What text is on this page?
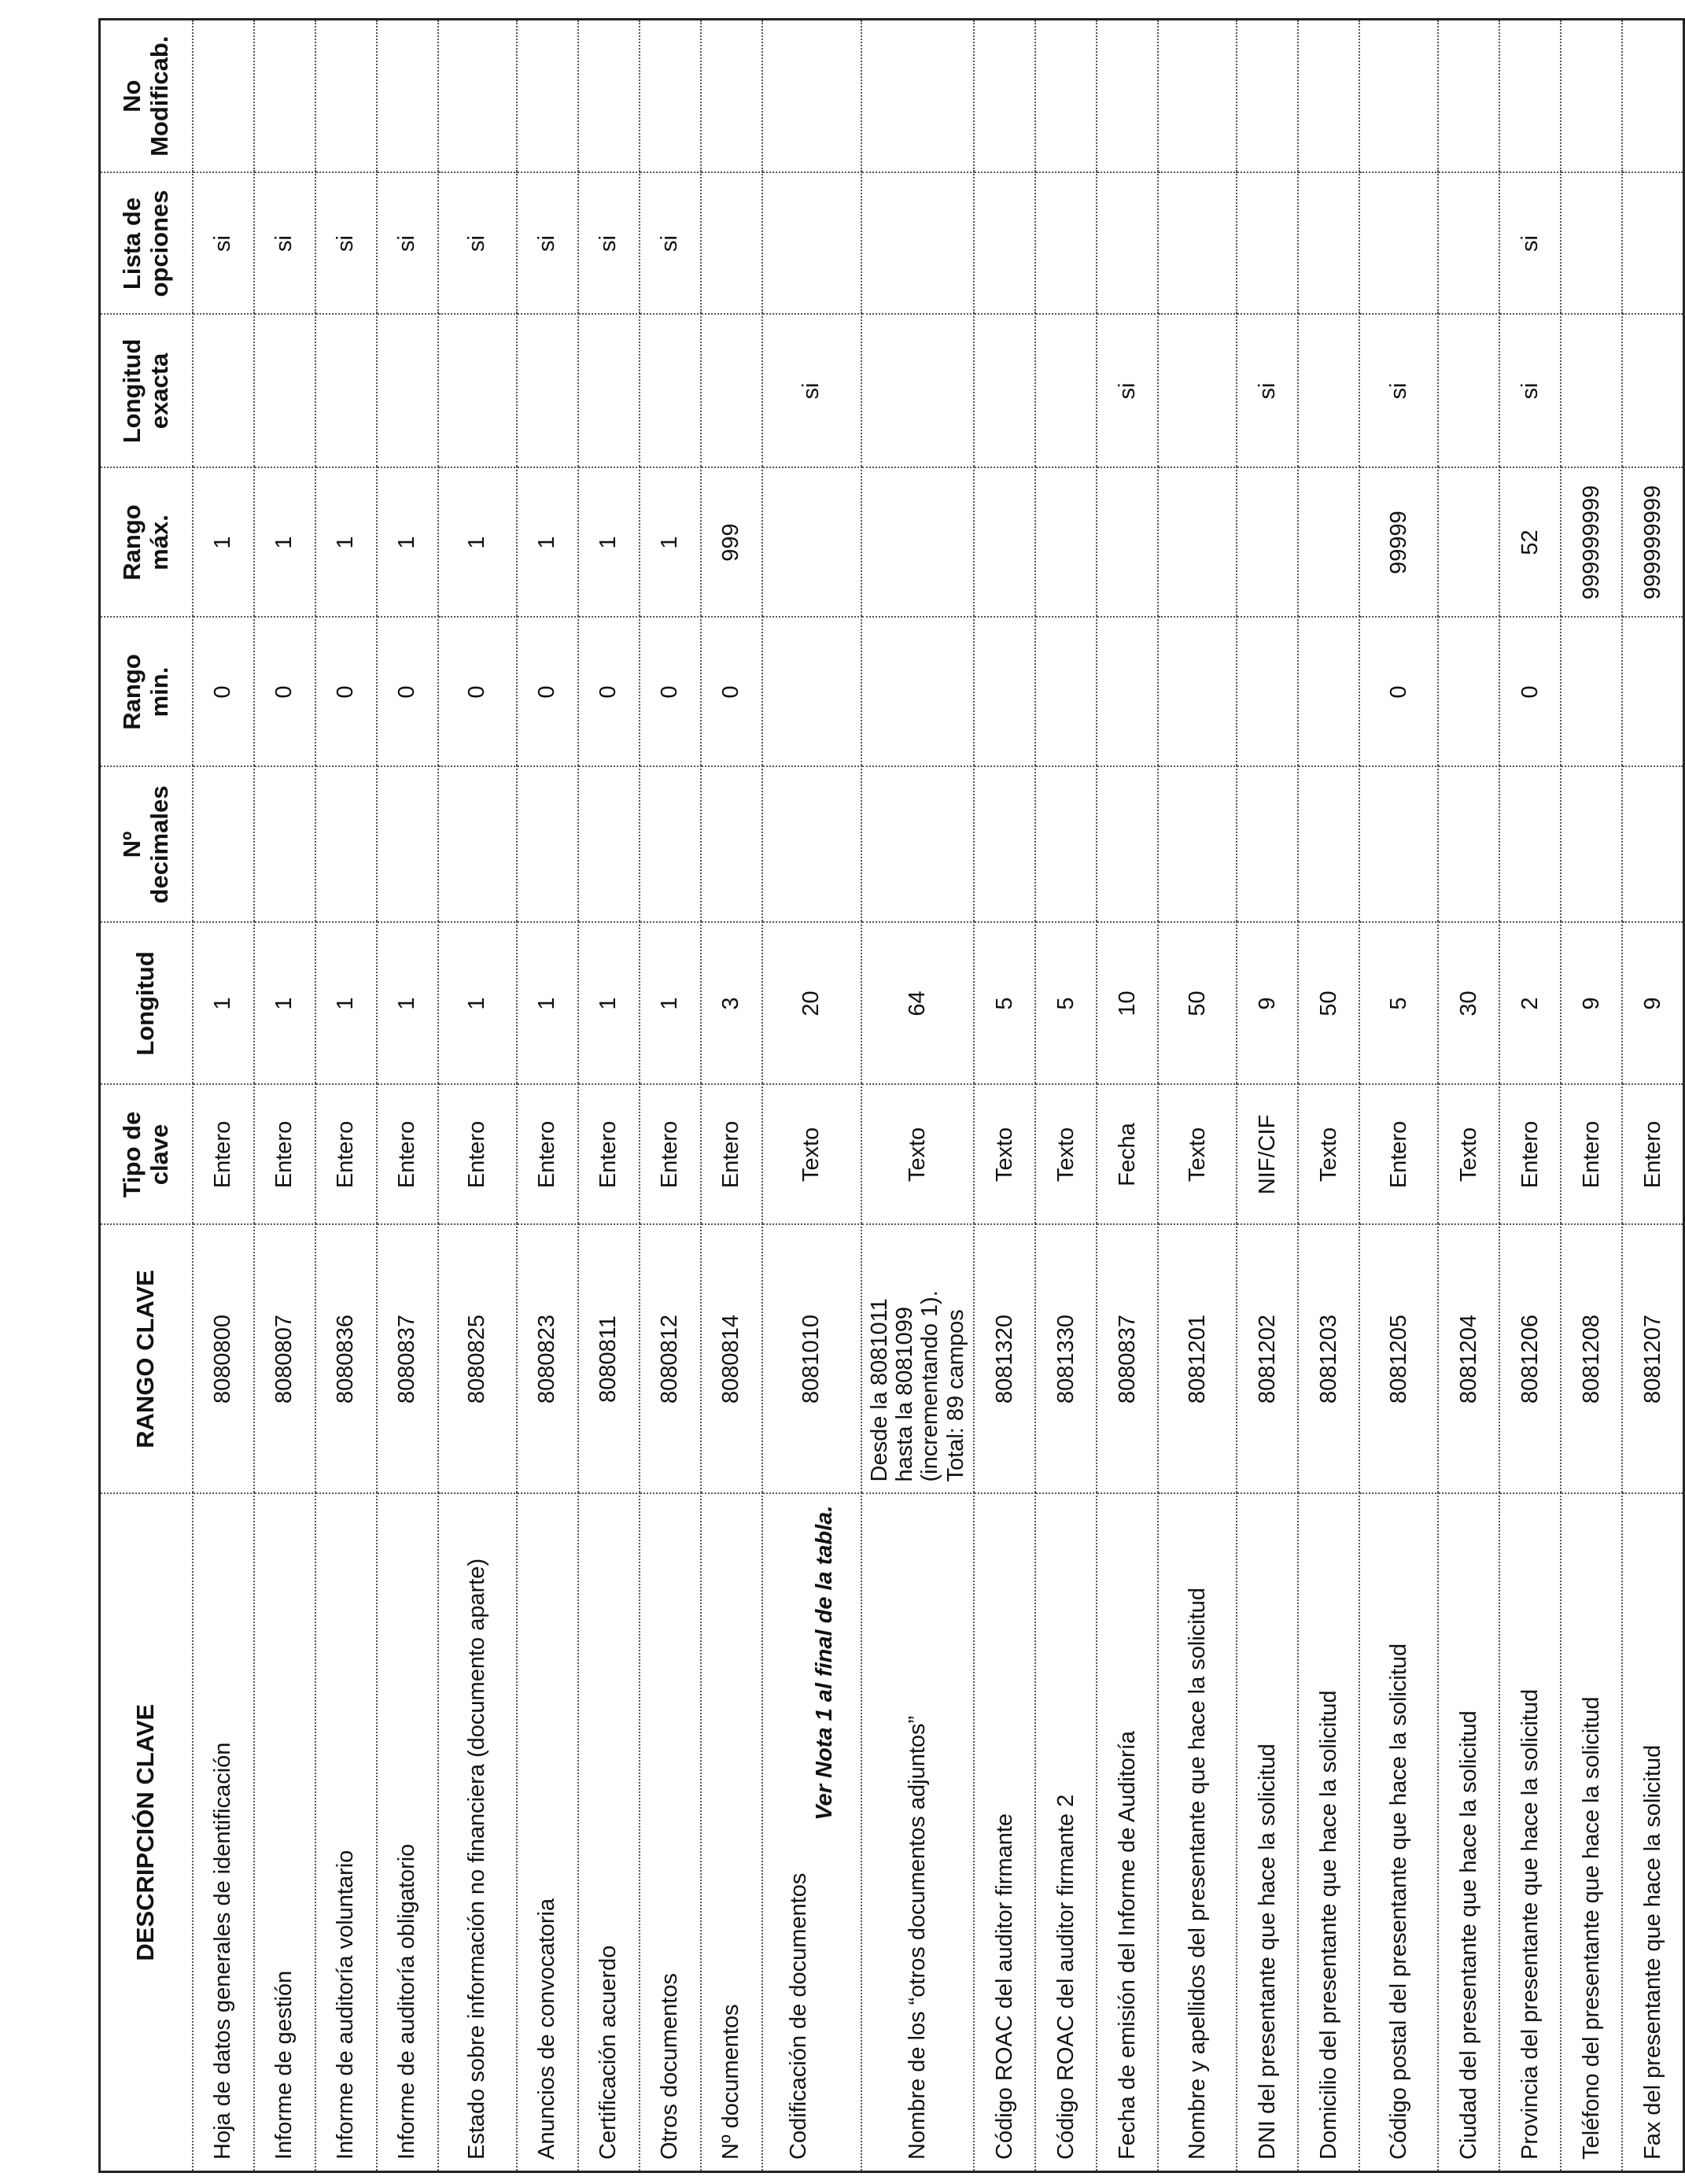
DESCRIPCIÓN CLAVE	RANGO CLAVE	Tipo de clave	Longitud	Nº decimales	Rango min.	Rango máx.	Longitud exacta	Lista de opciones	No Modificab.
Hoja de datos generales de identificación	8080800	Entero	1		0	1		si	
Informe de gestión	8080807	Entero	1		0	1		si	
Informe de auditoría voluntario	8080836	Entero	1		0	1		si	
Informe de auditoría obligatorio	8080837	Entero	1		0	1		si	
Estado sobre información no financiera (documento aparte)	8080825	Entero	1		0	1		si	
Anuncios de convocatoria	8080823	Entero	1		0	1		si	
Certificación acuerdo	8080811	Entero	1		0	1		si	
Otros documentos	8080812	Entero	1		0	1		si	
Nº documentos	8080814	Entero	3		0	999			
Codificación de documentos
Ver Nota 1 al final de la tabla.	8081010	Texto	20				si		
Nombre de los “otros documentos adjuntos”	Desde la 8081011 hasta la 8081099 (incrementando 1). Total: 89 campos	Texto	64						
Código ROAC del auditor firmante	8081320	Texto	5						
Código ROAC del auditor firmante 2	8081330	Texto	5						
Fecha de emisión del Informe de Auditoría	8080837	Fecha	10				si		
Nombre y apellidos del presentante que hace la solicitud	8081201	Texto	50						
DNI del presentante que hace la solicitud	8081202	NIF/CIF	9				si		
Domicilio del presentante que hace la solicitud	8081203	Texto	50						
Código postal del presentante que hace la solicitud	8081205	Entero	5		0	99999	si		
Ciudad del presentante que hace la solicitud	8081204	Texto	30						
Provincia del presentante que hace la solicitud	8081206	Entero	2		0	52	si	si	
Teléfono del presentante que hace la solicitud	8081208	Entero	9			999999999			
Fax del presentante que hace la solicitud	8081207	Entero	9			999999999			
